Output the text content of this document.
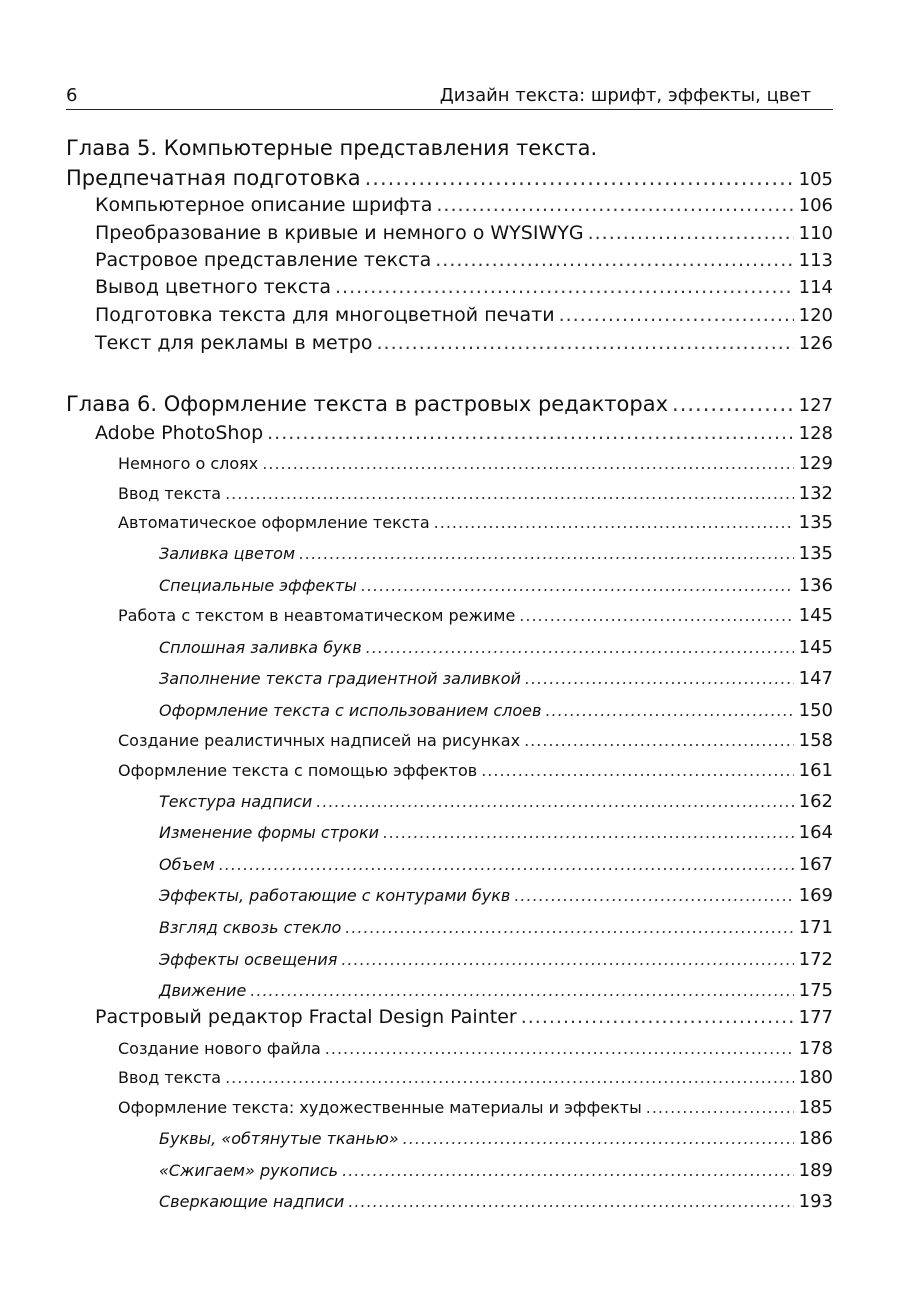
6	Дизайн текста: шрифт, эффекты, цвет
Глава 5. Компьютерные представления текста.
Предпечатная подготовка .....	105
Компьютерное описание шрифта .....	106
Преобразование в кривые и немного о WYSIWYG .....	110
Растровое представление текста .....	113
Вывод цветного текста .....	114
Подготовка текста для многоцветной печати .....	120
Текст для рекламы в метро .....	126
Глава 6. Оформление текста в растровых редакторах .....	127
Adobe PhotoShop .....	128
Немного о слоях .....	129
Ввод текста .....	132
Автоматическое оформление текста .....	135
Заливка цветом .....	135
Специальные эффекты .....	136
Работа с текстом в неавтоматическом режиме .....	145
Сплошная заливка букв .....	145
Заполнение текста градиентной заливкой .....	147
Оформление текста с использованием слоев .....	150
Создание реалистичных надписей на рисунках .....	158
Оформление текста с помощью эффектов .....	161
Текстура надписи .....	162
Изменение формы строки .....	164
Объем .....	167
Эффекты, работающие с контурами букв .....	169
Взгляд сквозь стекло .....	171
Эффекты освещения .....	172
Движение .....	175
Растровый редактор Fractal Design Painter .....	177
Создание нового файла .....	178
Ввод текста .....	180
Оформление текста: художественные материалы и эффекты .....	185
Буквы, «обтянутые тканью» .....	186
«Сжигаем» рукопись .....	189
Сверкающие надписи .....	193
